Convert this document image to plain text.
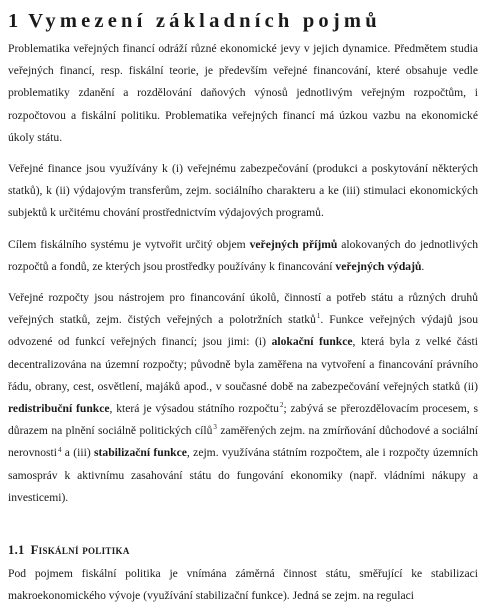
1 Vymezení základních pojmů

Problematika veřejných financí odráží různé ekonomické jevy v jejich dynamice. Předmětem studia veřejných financí, resp. fiskální teorie, je především veřejné financování, které obsahuje vedle problematiky zdanění a rozdělování daňových výnosů jednotlivým veřejným rozpočtům, i rozpočtovou a fiskální politiku. Problematika veřejných financí má úzkou vazbu na ekonomické úkoly státu.

Veřejné finance jsou využívány k (i) veřejnému zabezpečování (produkci a poskytování některých statků), k (ii) výdajovým transferům, zejm. sociálního charakteru a ke (iii) stimulaci ekonomických subjektů k určitému chování prostřednictvím výdajových programů.

Cílem fiskálního systému je vytvořit určitý objem veřejných příjmů alokovaných do jednotlivých rozpočtů a fondů, ze kterých jsou prostředky používány k financování veřejných výdajů.

Veřejné rozpočty jsou nástrojem pro financování úkolů, činností a potřeb státu a různých druhů veřejných statků, zejm. čistých veřejných a polotržních statků$^1$. Funkce veřejných výdajů jsou odvozené od funkcí veřejných financí; jsou jimi: (i) alokační funkce, která byla z velké části decentralizována na územní rozpočty; původně byla zaměřena na vytvoření a financování právního řádu, obrany, cest, osvětlení, majáků apod., v současné době na zabezpečování veřejných statků (ii) redistribuční funkce, která je výsadou státního rozpočtu$^2$; zabývá se přerozdělovacím procesem, s důrazem na plnění sociálně politických cílů$^3$ zaměřených zejm. na zmírňování důchodové a sociální nerovnosti$^4$ a (iii) stabilizační funkce, zejm. využívána státním rozpočtem, ale i rozpočty územních samospráv k aktivnímu zasahování státu do fungování ekonomiky (např. vládními nákupy a investicemi).

1.1 Fiskální politika

Pod pojmem fiskální politika je vnímána záměrná činnost státu, směřující ke stabilizaci makroekonomického vývoje (využívání stabilizační funkce). Jedná se zejm. na regulaci
